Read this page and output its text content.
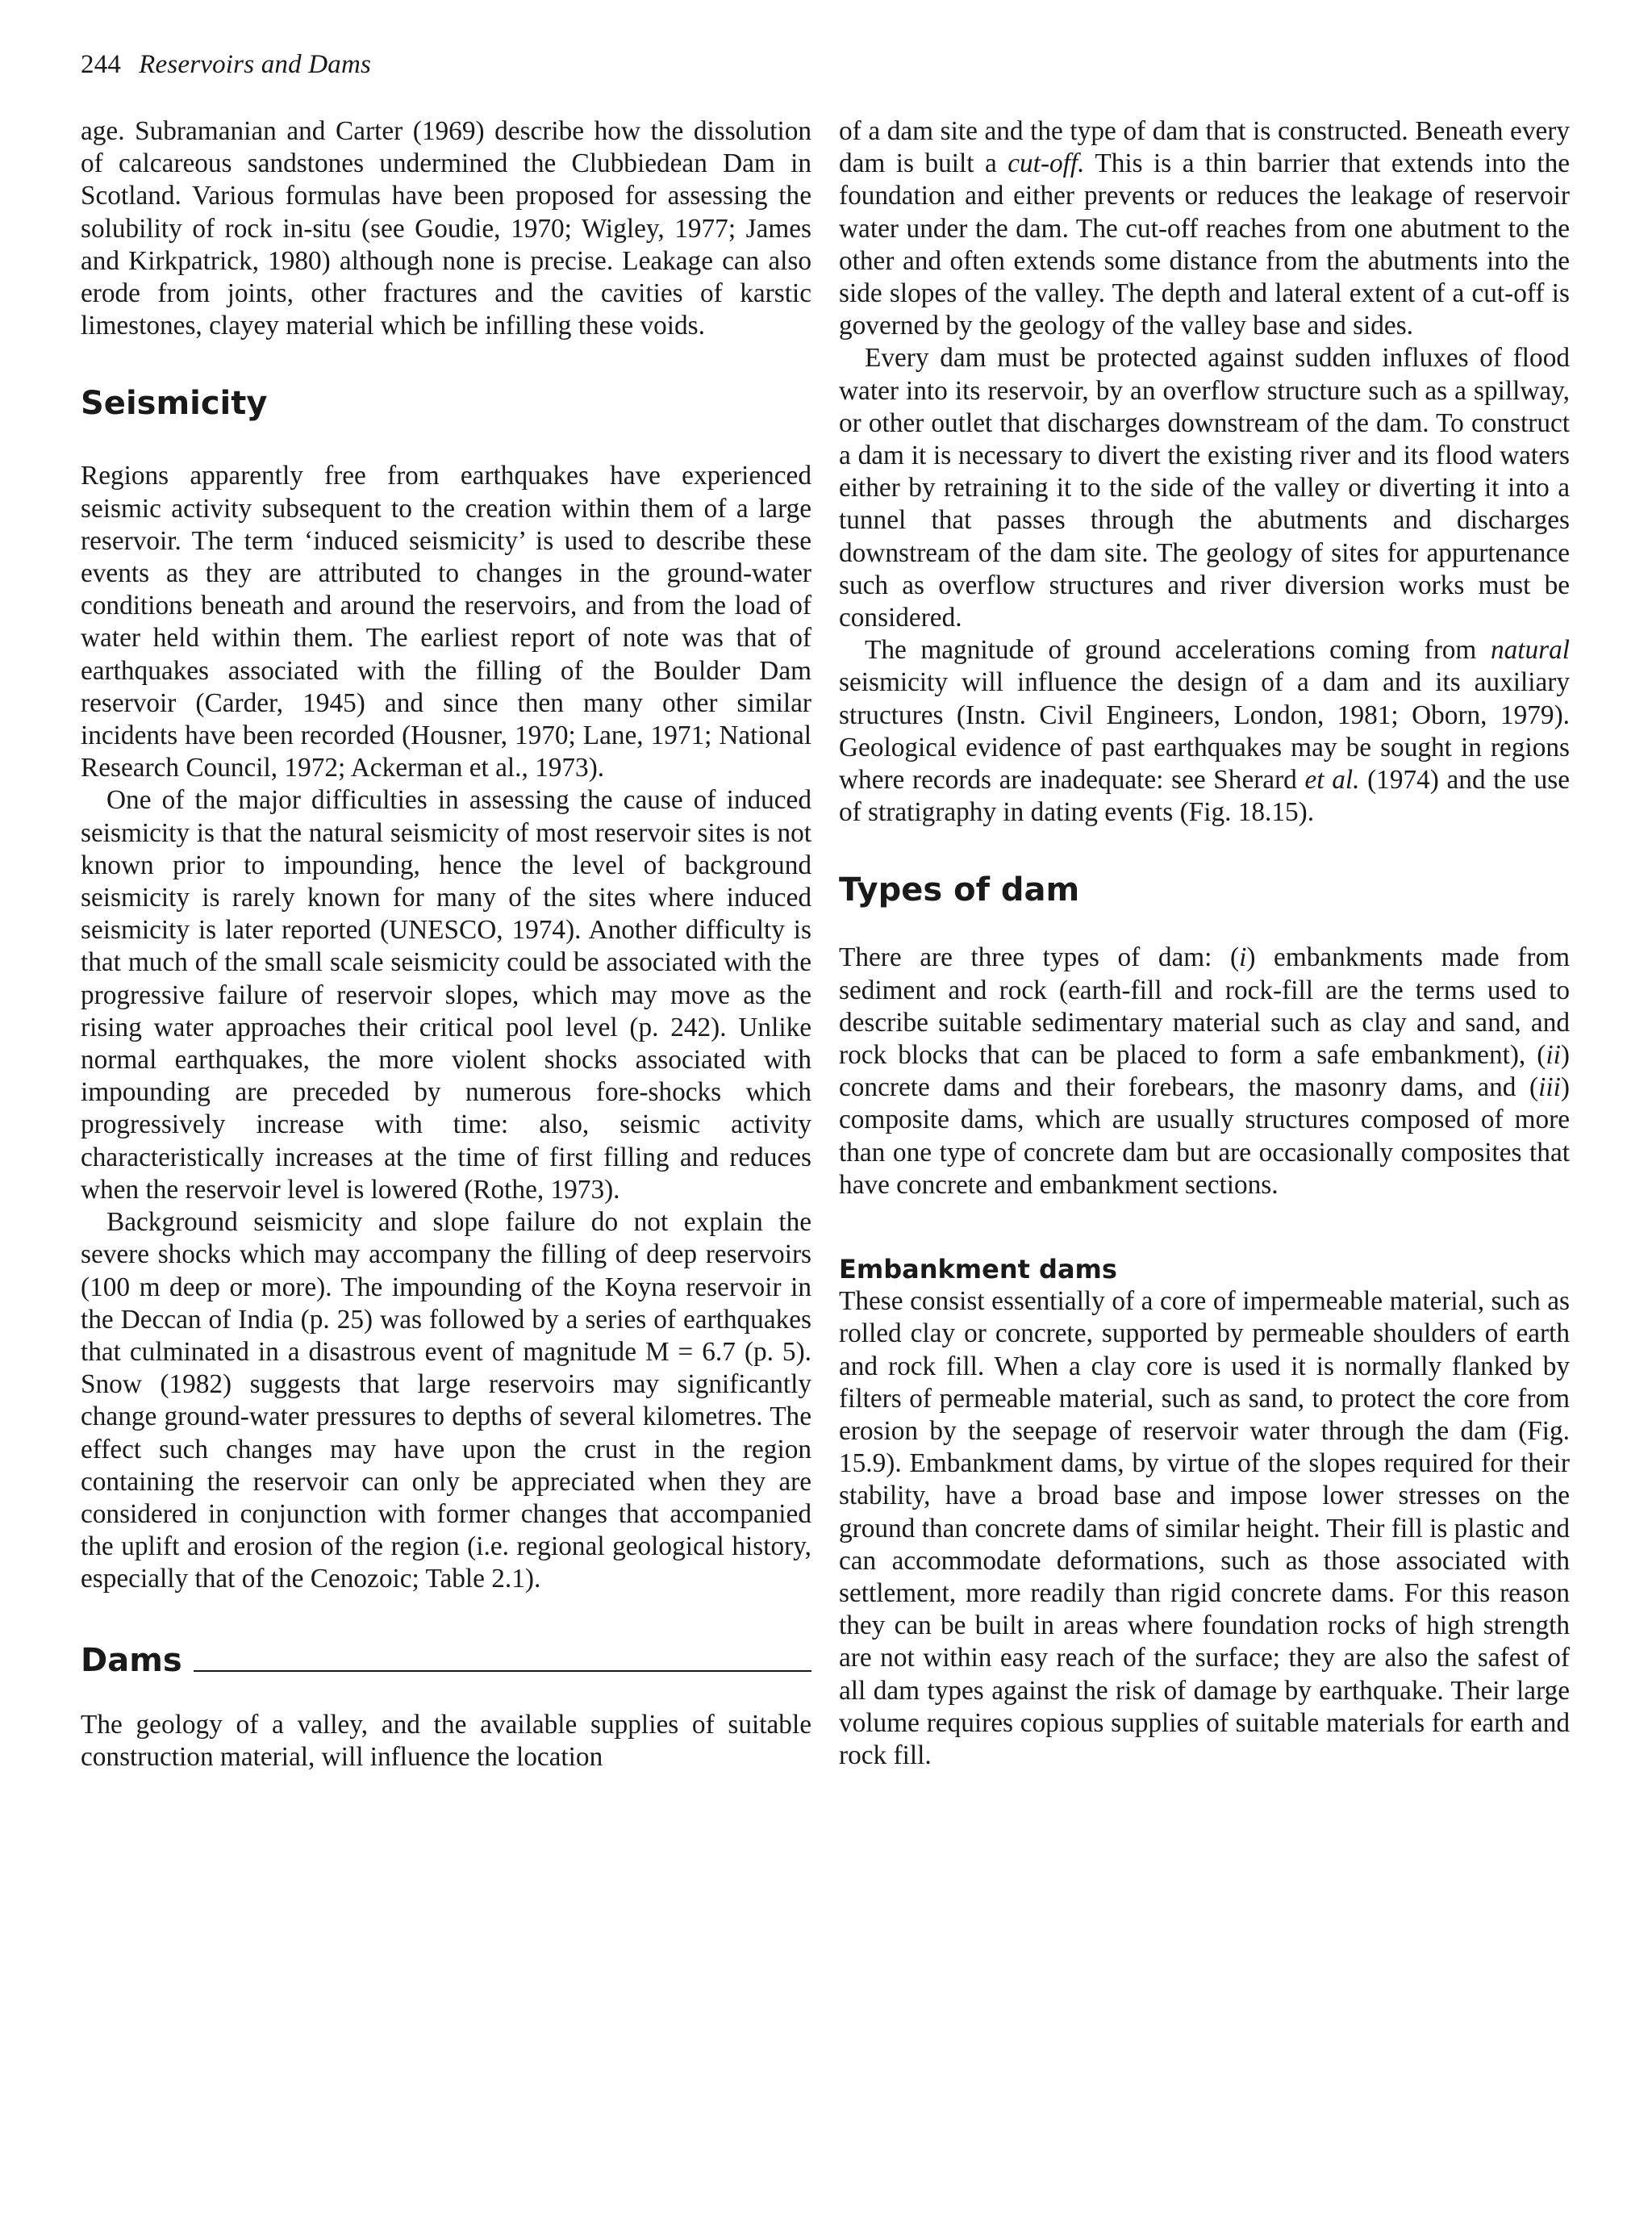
244 Reservoirs and Dams

age. Subramanian and Carter (1969) describe how the dissolution of calcareous sandstones undermined the Clubbiedean Dam in Scotland. Various formulas have been proposed for assessing the solubility of rock in-situ (see Goudie, 1970; Wigley, 1977; James and Kirkpatrick, 1980) although none is precise. Leakage can also erode from joints, other fractures and the cavities of karstic limestones, clayey material which be infilling these voids.

Seismicity

Regions apparently free from earthquakes have experienced seismic activity subsequent to the creation within them of a large reservoir. The term ‘induced seismicity’ is used to describe these events as they are attributed to changes in the ground-water conditions beneath and around the reservoirs, and from the load of water held within them. The earliest report of note was that of earthquakes associated with the filling of the Boulder Dam reservoir (Carder, 1945) and since then many other similar incidents have been recorded (Housner, 1970; Lane, 1971; National Research Council, 1972; Ackerman et al., 1973).

One of the major difficulties in assessing the cause of induced seismicity is that the natural seismicity of most reservoir sites is not known prior to impounding, hence the level of background seismicity is rarely known for many of the sites where induced seismicity is later reported (UNESCO, 1974). Another difficulty is that much of the small scale seismicity could be associated with the progressive failure of reservoir slopes, which may move as the rising water approaches their critical pool level (p. 242). Unlike normal earthquakes, the more violent shocks associated with impounding are preceded by numerous fore-shocks which progressively increase with time: also, seismic activity characteristically increases at the time of first filling and reduces when the reservoir level is lowered (Rothe, 1973).

Background seismicity and slope failure do not explain the severe shocks which may accompany the filling of deep reservoirs (100 m deep or more). The impounding of the Koyna reservoir in the Deccan of India (p. 25) was followed by a series of earthquakes that culminated in a disastrous event of magnitude M = 6.7 (p. 5). Snow (1982) suggests that large reservoirs may significantly change ground-water pressures to depths of several kilometres. The effect such changes may have upon the crust in the region containing the reservoir can only be appreciated when they are considered in conjunction with former changes that accompanied the uplift and erosion of the region (i.e. regional geological history, especially that of the Cenozoic; Table 2.1).

Dams

The geology of a valley, and the available supplies of suitable construction material, will influence the location

of a dam site and the type of dam that is constructed. Beneath every dam is built a cut-off. This is a thin barrier that extends into the foundation and either prevents or reduces the leakage of reservoir water under the dam. The cut-off reaches from one abutment to the other and often extends some distance from the abutments into the side slopes of the valley. The depth and lateral extent of a cut-off is governed by the geology of the valley base and sides.

Every dam must be protected against sudden influxes of flood water into its reservoir, by an overflow structure such as a spillway, or other outlet that discharges downstream of the dam. To construct a dam it is necessary to divert the existing river and its flood waters either by retraining it to the side of the valley or diverting it into a tunnel that passes through the abutments and discharges downstream of the dam site. The geology of sites for appurtenance such as overflow structures and river diversion works must be considered.

The magnitude of ground accelerations coming from natural seismicity will influence the design of a dam and its auxiliary structures (Instn. Civil Engineers, London, 1981; Oborn, 1979). Geological evidence of past earthquakes may be sought in regions where records are inadequate: see Sherard et al. (1974) and the use of stratigraphy in dating events (Fig. 18.15).

Types of dam

There are three types of dam: (i) embankments made from sediment and rock (earth-fill and rock-fill are the terms used to describe suitable sedimentary material such as clay and sand, and rock blocks that can be placed to form a safe embankment), (ii) concrete dams and their forebears, the masonry dams, and (iii) composite dams, which are usually structures composed of more than one type of concrete dam but are occasionally composites that have concrete and embankment sections.

Embankment dams

These consist essentially of a core of impermeable material, such as rolled clay or concrete, supported by permeable shoulders of earth and rock fill. When a clay core is used it is normally flanked by filters of permeable material, such as sand, to protect the core from erosion by the seepage of reservoir water through the dam (Fig. 15.9). Embankment dams, by virtue of the slopes required for their stability, have a broad base and impose lower stresses on the ground than concrete dams of similar height. Their fill is plastic and can accommodate deformations, such as those associated with settlement, more readily than rigid concrete dams. For this reason they can be built in areas where foundation rocks of high strength are not within easy reach of the surface; they are also the safest of all dam types against the risk of damage by earthquake. Their large volume requires copious supplies of suitable materials for earth and rock fill.
